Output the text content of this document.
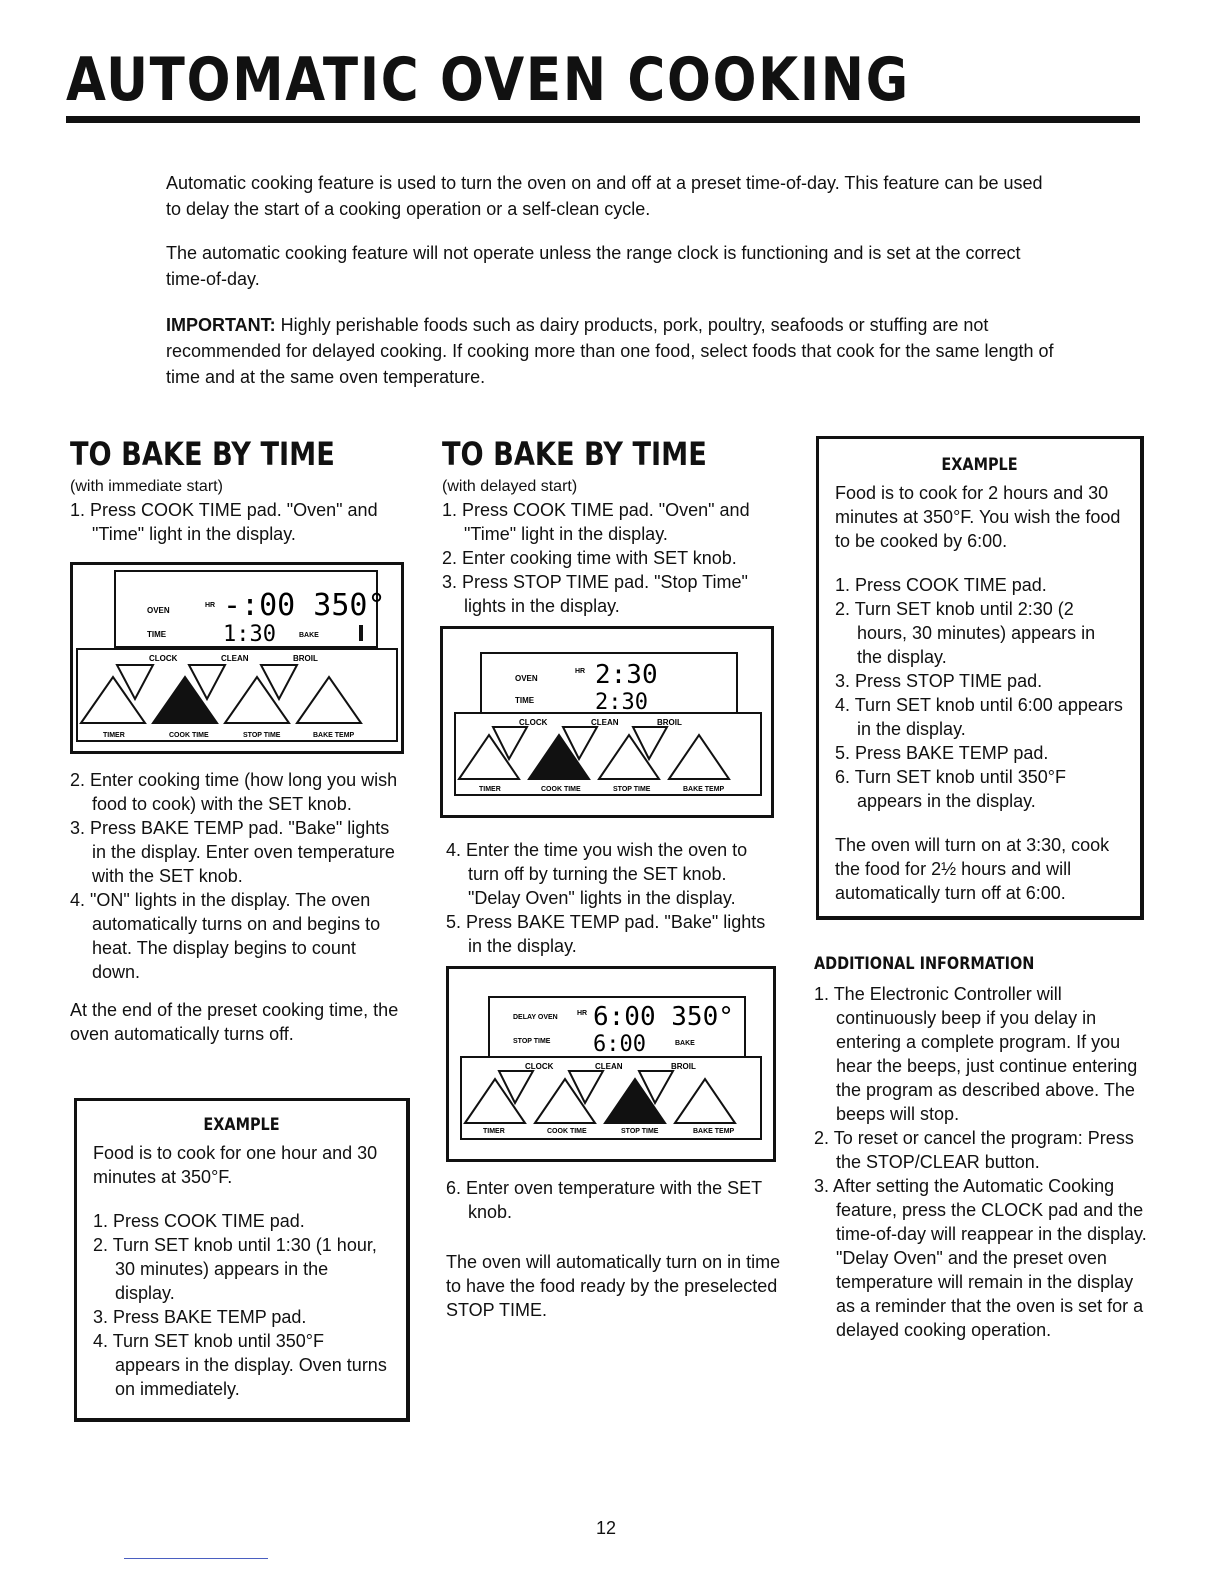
AUTOMATIC OVEN COOKING

Automatic cooking feature is used to turn the oven on and off at a preset time-of-day. This feature can be used to delay the start of a cooking operation or a self-clean cycle.

The automatic cooking feature will not operate unless the range clock is functioning and is set at the correct time-of-day.

IMPORTANT: Highly perishable foods such as dairy products, pork, poultry, seafoods or stuffing are not recommended for delayed cooking. If cooking more than one food, select foods that cook for the same length of time and at the same oven temperature.

TO BAKE BY TIME
(with immediate start)
1. Press COOK TIME pad. "Oven" and "Time" light in the display.
OVEN
TIME
HR -:00 350°
1:30	BAKE
CLOCK	CLEAN	BROIL
TIMER	COOK TIME	STOP TIME	BAKE TEMP
2. Enter cooking time (how long you wish food to cook) with the SET knob.
3. Press BAKE TEMP pad. "Bake" lights in the display. Enter oven temperature with the SET knob.
4. "ON" lights in the display. The oven automatically turns on and begins to heat. The display begins to count down.

At the end of the preset cooking time, the oven automatically turns off.

EXAMPLE

Food is to cook for one hour and 30 minutes at 350°F.

1. Press COOK TIME pad.
2. Turn SET knob until 1:30 (1 hour, 30 minutes) appears in the display.
3. Press BAKE TEMP pad.
4. Turn SET knob until 350°F appears in the display. Oven turns on immediately.
TO BAKE BY TIME
(with delayed start)
1. Press COOK TIME pad. "Oven" and "Time" light in the display.
2. Enter cooking time with SET knob.
3. Press STOP TIME pad. "Stop Time" lights in the display.
OVEN
TIME
HR 2:30
2:30
CLOCK	CLEAN	BROIL
TIMER	COOK TIME	STOP TIME	BAKE TEMP
4. Enter the time you wish the oven to turn off by turning the SET knob. "Delay Oven" lights in the display.
5. Press BAKE TEMP pad. "Bake" lights in the display.
DELAY OVEN
STOP TIME
HR 6:00 350°
6:00	BAKE
CLOCK	CLEAN	BROIL
TIMER	COOK TIME	STOP TIME	BAKE TEMP
6. Enter oven temperature with the SET knob.

The oven will automatically turn on in time to have the food ready by the preselected STOP TIME.

EXAMPLE

Food is to cook for 2 hours and 30 minutes at 350°F. You wish the food to be cooked by 6:00.

1. Press COOK TIME pad.
2. Turn SET knob until 2:30 (2 hours, 30 minutes) appears in the display.
3. Press STOP TIME pad.
4. Turn SET knob until 6:00 appears in the display.
5. Press BAKE TEMP pad.
6. Turn SET knob until 350°F appears in the display.

The oven will turn on at 3:30, cook the food for 2½ hours and will automatically turn off at 6:00.

ADDITIONAL INFORMATION
1. The Electronic Controller will continuously beep if you delay in entering a complete program. If you hear the beeps, just continue entering the program as described above. The beeps will stop.
2. To reset or cancel the program: Press the STOP/CLEAR button.
3. After setting the Automatic Cooking feature, press the CLOCK pad and the time-of-day will reappear in the display. "Delay Oven" and the preset oven temperature will remain in the display as a reminder that the oven is set for a delayed cooking operation.
12
